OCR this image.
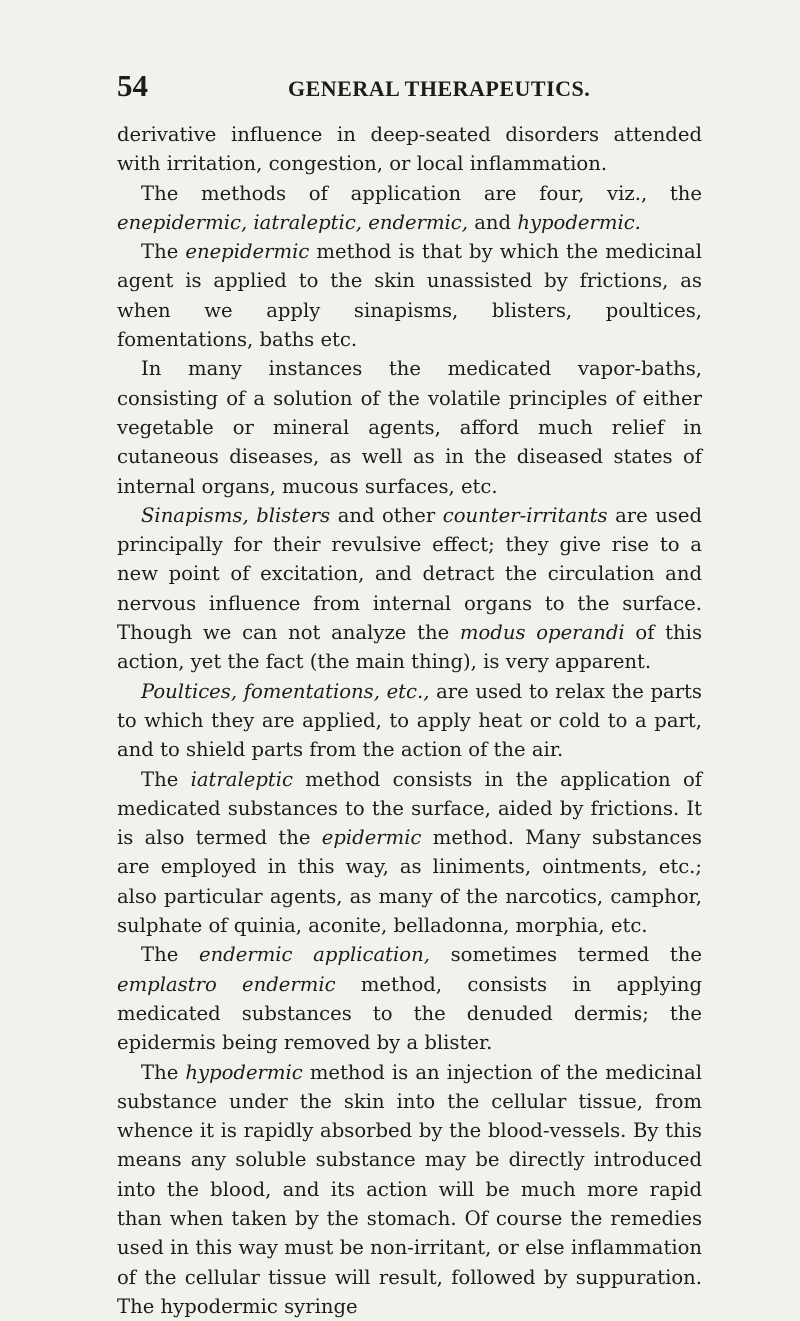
54	GENERAL THERAPEUTICS.

derivative influence in deep-seated disorders attended with irritation, congestion, or local inflammation.

The methods of application are four, viz., the enepidermic, iatraleptic, endermic, and hypodermic.

The enepidermic method is that by which the medicinal agent is applied to the skin unassisted by frictions, as when we apply sinapisms, blisters, poultices, fomentations, baths etc.

In many instances the medicated vapor-baths, consisting of a solution of the volatile principles of either vegetable or mineral agents, afford much relief in cutaneous diseases, as well as in the diseased states of internal organs, mucous surfaces, etc.

Sinapisms, blisters and other counter-irritants are used principally for their revulsive effect; they give rise to a new point of excitation, and detract the circulation and nervous influence from internal organs to the surface. Though we can not analyze the modus operandi of this action, yet the fact (the main thing), is very apparent.

Poultices, fomentations, etc., are used to relax the parts to which they are applied, to apply heat or cold to a part, and to shield parts from the action of the air.

The iatraleptic method consists in the application of medicated substances to the surface, aided by frictions. It is also termed the epidermic method. Many substances are employed in this way, as liniments, ointments, etc.; also particular agents, as many of the narcotics, camphor, sulphate of quinia, aconite, belladonna, morphia, etc.

The endermic application, sometimes termed the emplastro endermic method, consists in applying medicated substances to the denuded dermis; the epidermis being removed by a blister.

The hypodermic method is an injection of the medicinal substance under the skin into the cellular tissue, from whence it is rapidly absorbed by the blood-vessels. By this means any soluble substance may be directly introduced into the blood, and its action will be much more rapid than when taken by the stomach. Of course the remedies used in this way must be non-irritant, or else inflammation of the cellular tissue will result, followed by suppuration. The hypodermic syringe
